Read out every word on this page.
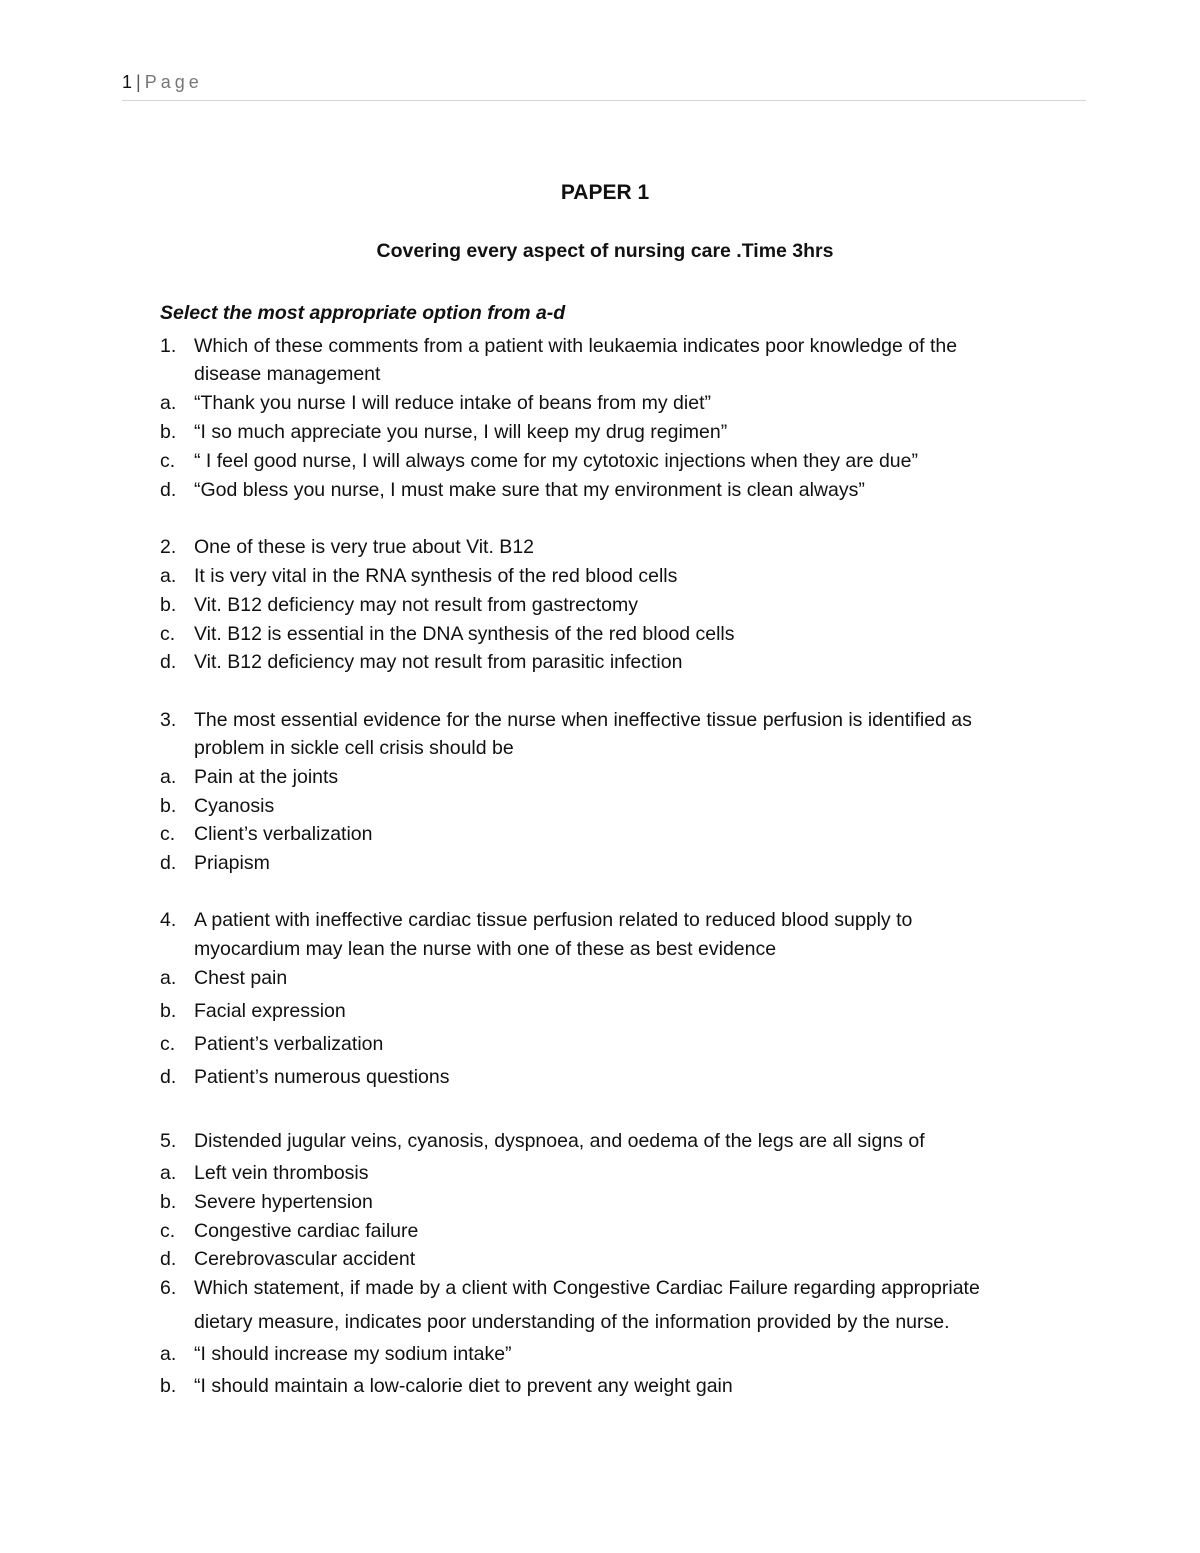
1 | Page
PAPER 1
Covering every aspect of nursing care .Time 3hrs
Select the most appropriate option from a-d
1. Which of these comments from a patient with leukaemia indicates poor knowledge of the
disease management
a. “Thank you nurse I will reduce intake of beans from my diet”
b. “I so much appreciate you nurse, I will keep my drug regimen”
c. “ I feel good nurse, I will always come for my cytotoxic injections when they are due”
d. “God bless you nurse, I must make sure that my environment is clean always”
2. One of these is very true about Vit. B12
a. It is very vital in the RNA synthesis of the red blood cells
b. Vit. B12 deficiency may not result from gastrectomy
c. Vit. B12 is essential in the DNA synthesis of the red blood cells
d. Vit. B12 deficiency may not result from parasitic infection
3. The most essential evidence for the nurse when ineffective tissue perfusion is identified as
problem in sickle cell crisis should be
a. Pain at the joints
b. Cyanosis
c. Client’s verbalization
d. Priapism
4. A patient with ineffective cardiac tissue perfusion related to reduced blood supply to
myocardium may lean the nurse with one of these as best evidence
a. Chest pain
b. Facial expression
c. Patient’s verbalization
d. Patient’s numerous questions
5. Distended jugular veins, cyanosis, dyspnoea, and oedema of the legs are all signs of
a. Left vein thrombosis
b. Severe hypertension
c. Congestive cardiac failure
d. Cerebrovascular accident
6. Which statement, if made by a client with Congestive Cardiac Failure regarding appropriate
dietary measure, indicates poor understanding of the information provided by the nurse.
a. “I should increase my sodium intake”
b. “I should maintain a low-calorie diet to prevent any weight gain
